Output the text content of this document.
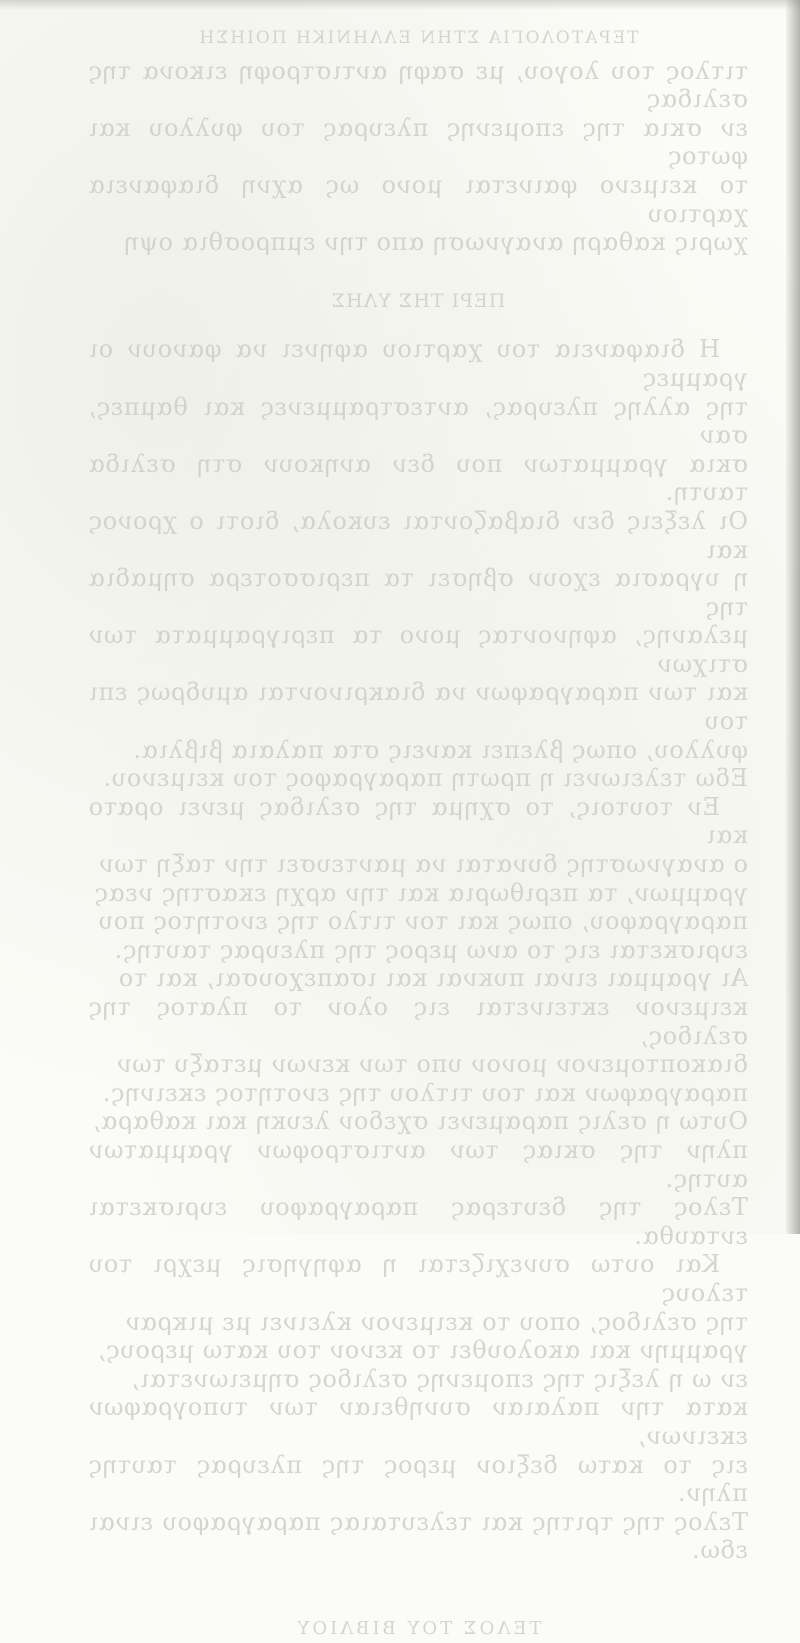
ΤΕΡΑΤΟΛΟΓΙΑ ΣΤΗΝ ΕΛΛΗΝΙΚΗ ΠΟΙΗΣΗ

τιτλος του λογου, με σαφη αντιστροφη εικονα της σελιδας

εν σκια της επομενης πλευρας του φυλλου και φωτος

το κειμενο φαινεται μονο ως αχνη διαφανεια χαρτιου

χωρις καθαρη αναγνωση απο την εμπροσθια οψη

ΠΕΡΙ ΤΗΣ ΥΛΗΣ

Η διαφανεια του χαρτιου αφηνει να φανουν οι γραμμες

της αλλης πλευρας, αντεστραμμενες και θαμπες, σαν

σκια γραμματων που δεν ανηκουν στη σελιδα ταυτη.

Οι λεξεις δεν διαβαζονται ευκολα, διοτι ο χρονος και

η υγρασια εχουν σβησει τα περισσοτερα σημαδια της

μελανης, αφηνοντας μονο τα περιγραμματα των στιχων

και των παραγραφων να διακρινονται αμυδρως επι του

φυλλου, οπως βλεπει κανεις στα παλαια βιβλια.

Εδω τελειωνει η πρωτη παραγραφος του κειμενου.

Εν τουτοις, το σχημα της σελιδας μενει ορατο και

ο αναγνωστης δυναται να μαντευσει την ταξη των

γραμμων, τα περιθωρια και την αρχη εκαστης νεας

παραγραφου, οπως και τον τιτλο της ενοτητος που

ευρισκεται εις το ανω μερος της πλευρας ταυτης.

Αι γραμμαι ειναι πυκναι και ισαπεχουσαι, και το

κειμενον εκτεινεται εις ολον το πλατος της σελιδος,

διακοπτομενον μονον υπο των κενων μεταξυ των

παραγραφων και του τιτλου της ενοτητος εκεινης.

Ουτω η σελις παραμενει σχεδον λευκη και καθαρα,

πλην της σκιας των αντιστροφων γραμματων αυτης.

Τελος της δευτερας παραγραφου ευρισκεται ενταυθα.

Και ουτω συνεχιζεται η αφηγησις μεχρι του τελους

της σελιδος, οπου το κειμενον κλεινει με μικραν

γραμμην και ακολουθει το κενον του κατω μερους,

εν ω η λεξις της επομενης σελιδος σημειωνεται,

κατα την παλαιαν συνηθειαν των τυπογραφων εκεινων,

εις το κατω δεξιον μερος της πλευρας ταυτης πλην.

Τελος της τριτης και τελευταιας παραγραφου ειναι εδω.

ΤΕΛΟΣ ΤΟΥ ΒΙΒΛΙΟΥ
